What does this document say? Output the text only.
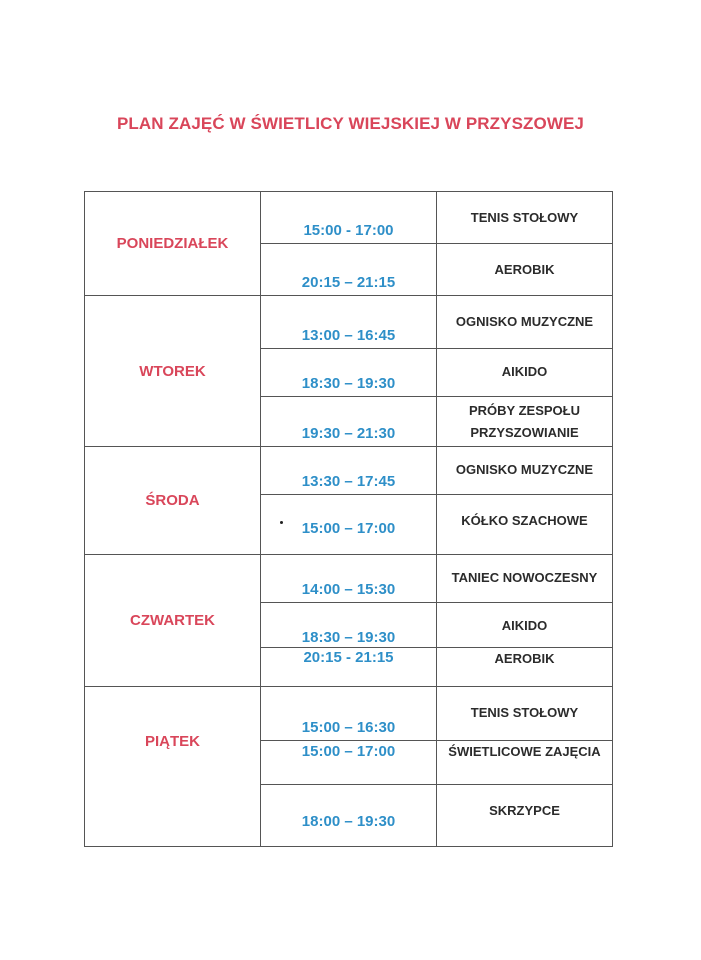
PLAN ZAJĘĆ W ŚWIETLICY WIEJSKIEJ W PRZYSZOWEJ
PONIEDZIAŁEK	15:00 - 17:00	TENIS STOŁOWY
	20:15 – 21:15	AEROBIK
WTOREK	13:00 – 16:45	OGNISKO MUZYCZNE
	18:30 – 19:30	AIKIDO
	19:30 – 21:30	PRÓBY ZESPOŁU
PRZYSZOWIANIE

ŚRODA	13:30 – 17:45	OGNISKO MUZYCZNE
	15:00 – 17:00	KÓŁKO SZACHOWE
CZWARTEK	14:00 – 15:30	TANIEC NOWOCZESNY
	18:30 – 19:30	AIKIDO
	20:15 - 21:15	AEROBIK
PIĄTEK	15:00 – 16:30	TENIS STOŁOWY
	15:00 – 17:00	ŚWIETLICOWE ZAJĘCIA
	18:00 – 19:30	SKRZYPCE
